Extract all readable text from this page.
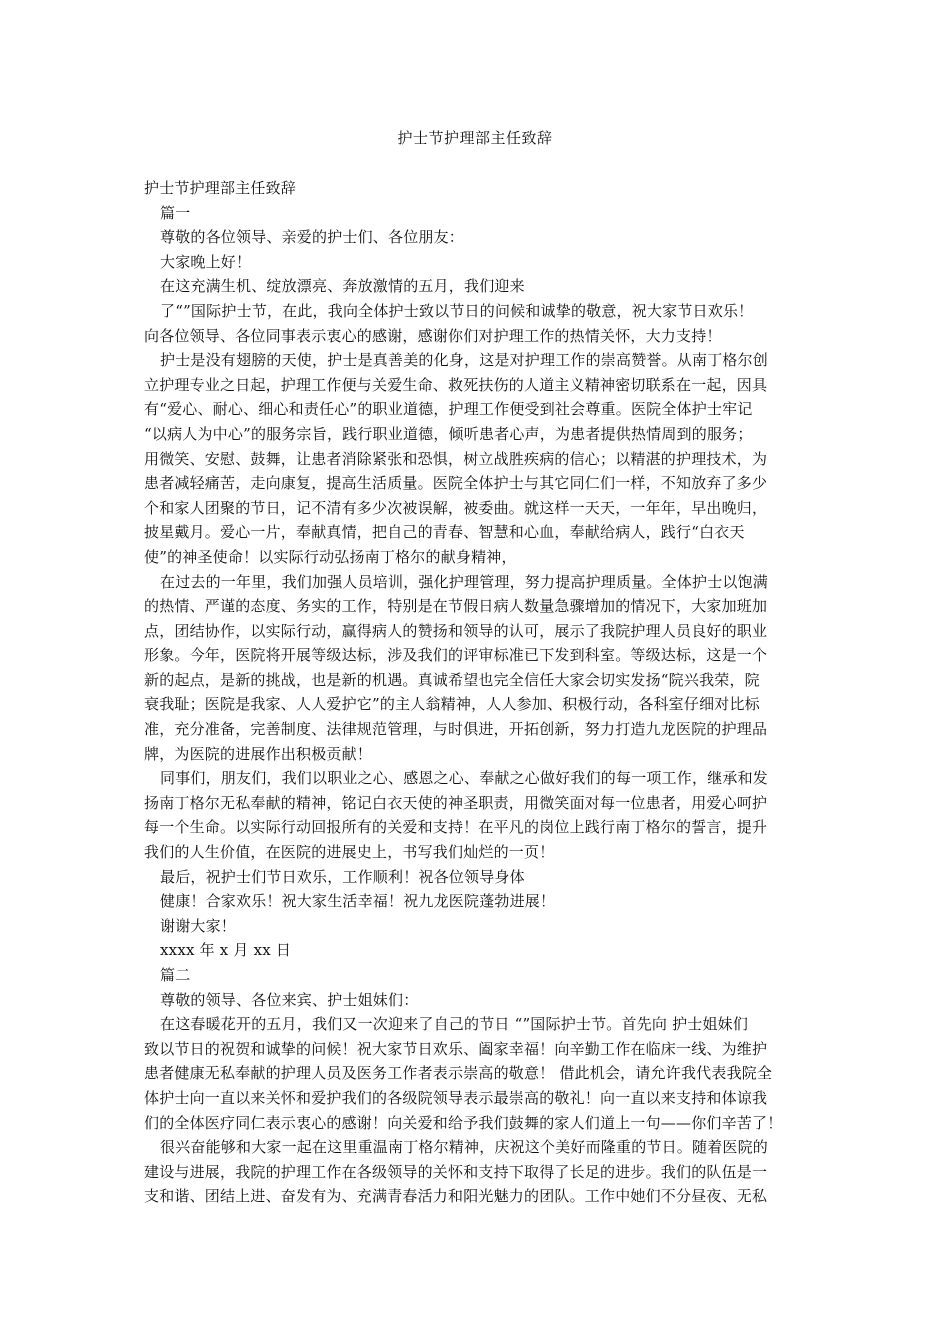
护士节护理部主任致辞

护士节护理部主任致辞

篇一

尊敬的各位领导、亲爱的护士们、各位朋友：

大家晚上好！

在这充满生机、绽放漂亮、奔放激情的五月，我们迎来

了“”国际护士节，在此，我向全体护士致以节日的问候和诚挚的敬意，祝大家节日欢乐！

向各位领导、各位同事表示衷心的感谢，感谢你们对护理工作的热情关怀，大力支持！

护士是没有翅膀的天使，护士是真善美的化身，这是对护理工作的崇高赞誉。从南丁格尔创

立护理专业之日起，护理工作便与关爱生命、救死扶伤的人道主义精神密切联系在一起，因具

有“爱心、耐心、细心和责任心”的职业道德，护理工作便受到社会尊重。医院全体护士牢记

“以病人为中心”的服务宗旨，践行职业道德，倾听患者心声，为患者提供热情周到的服务；

用微笑、安慰、鼓舞，让患者消除紧张和恐惧，树立战胜疾病的信心；以精湛的护理技术，为

患者减轻痛苦，走向康复，提高生活质量。医院全体护士与其它同仁们一样，不知放弃了多少

个和家人团聚的节日，记不清有多少次被误解，被委曲。就这样一天天，一年年，早出晚归，

披星戴月。爱心一片，奉献真情，把自己的青春、智慧和心血，奉献给病人，践行“白衣天

使”的神圣使命！以实际行动弘扬南丁格尔的献身精神，

在过去的一年里，我们加强人员培训，强化护理管理，努力提高护理质量。全体护士以饱满

的热情、严谨的态度、务实的工作，特别是在节假日病人数量急骤增加的情况下，大家加班加

点，团结协作，以实际行动，赢得病人的赞扬和领导的认可，展示了我院护理人员良好的职业

形象。今年，医院将开展等级达标，涉及我们的评审标准已下发到科室。等级达标，这是一个

新的起点，是新的挑战，也是新的机遇。真诚希望也完全信任大家会切实发扬“院兴我荣，院

衰我耻；医院是我家、人人爱护它”的主人翁精神，人人参加、积极行动，各科室仔细对比标

准，充分准备，完善制度、法律规范管理，与时俱进，开拓创新，努力打造九龙医院的护理品

牌，为医院的进展作出积极贡献！

同事们，朋友们，我们以职业之心、感恩之心、奉献之心做好我们的每一项工作，继承和发

扬南丁格尔无私奉献的精神，铭记白衣天使的神圣职责，用微笑面对每一位患者，用爱心呵护

每一个生命。以实际行动回报所有的关爱和支持！在平凡的岗位上践行南丁格尔的誓言，提升

我们的人生价值，在医院的进展史上，书写我们灿烂的一页！

最后，祝护士们节日欢乐，工作顺利！祝各位领导身体

健康！合家欢乐！祝大家生活幸福！祝九龙医院蓬勃进展！

谢谢大家！

xxxx 年 x 月 xx 日

篇二

尊敬的领导、各位来宾、护士姐妹们：

在这春暖花开的五月，我们又一次迎来了自己的节日 “”国际护士节。首先向 护士姐妹们

致以节日的祝贺和诚挚的问候！祝大家节日欢乐、阖家幸福！向辛勤工作在临床一线、为维护

患者健康无私奉献的护理人员及医务工作者表示崇高的敬意！ 借此机会，请允许我代表我院全

体护士向一直以来关怀和爱护我们的各级院领导表示最崇高的敬礼！向一直以来支持和体谅我

们的全体医疗同仁表示衷心的感谢！向关爱和给予我们鼓舞的家人们道上一句——你们辛苦了！

很兴奋能够和大家一起在这里重温南丁格尔精神，庆祝这个美好而隆重的节日。随着医院的

建设与进展，我院的护理工作在各级领导的关怀和支持下取得了长足的进步。我们的队伍是一

支和谐、团结上进、奋发有为、充满青春活力和阳光魅力的团队。工作中她们不分昼夜、无私
